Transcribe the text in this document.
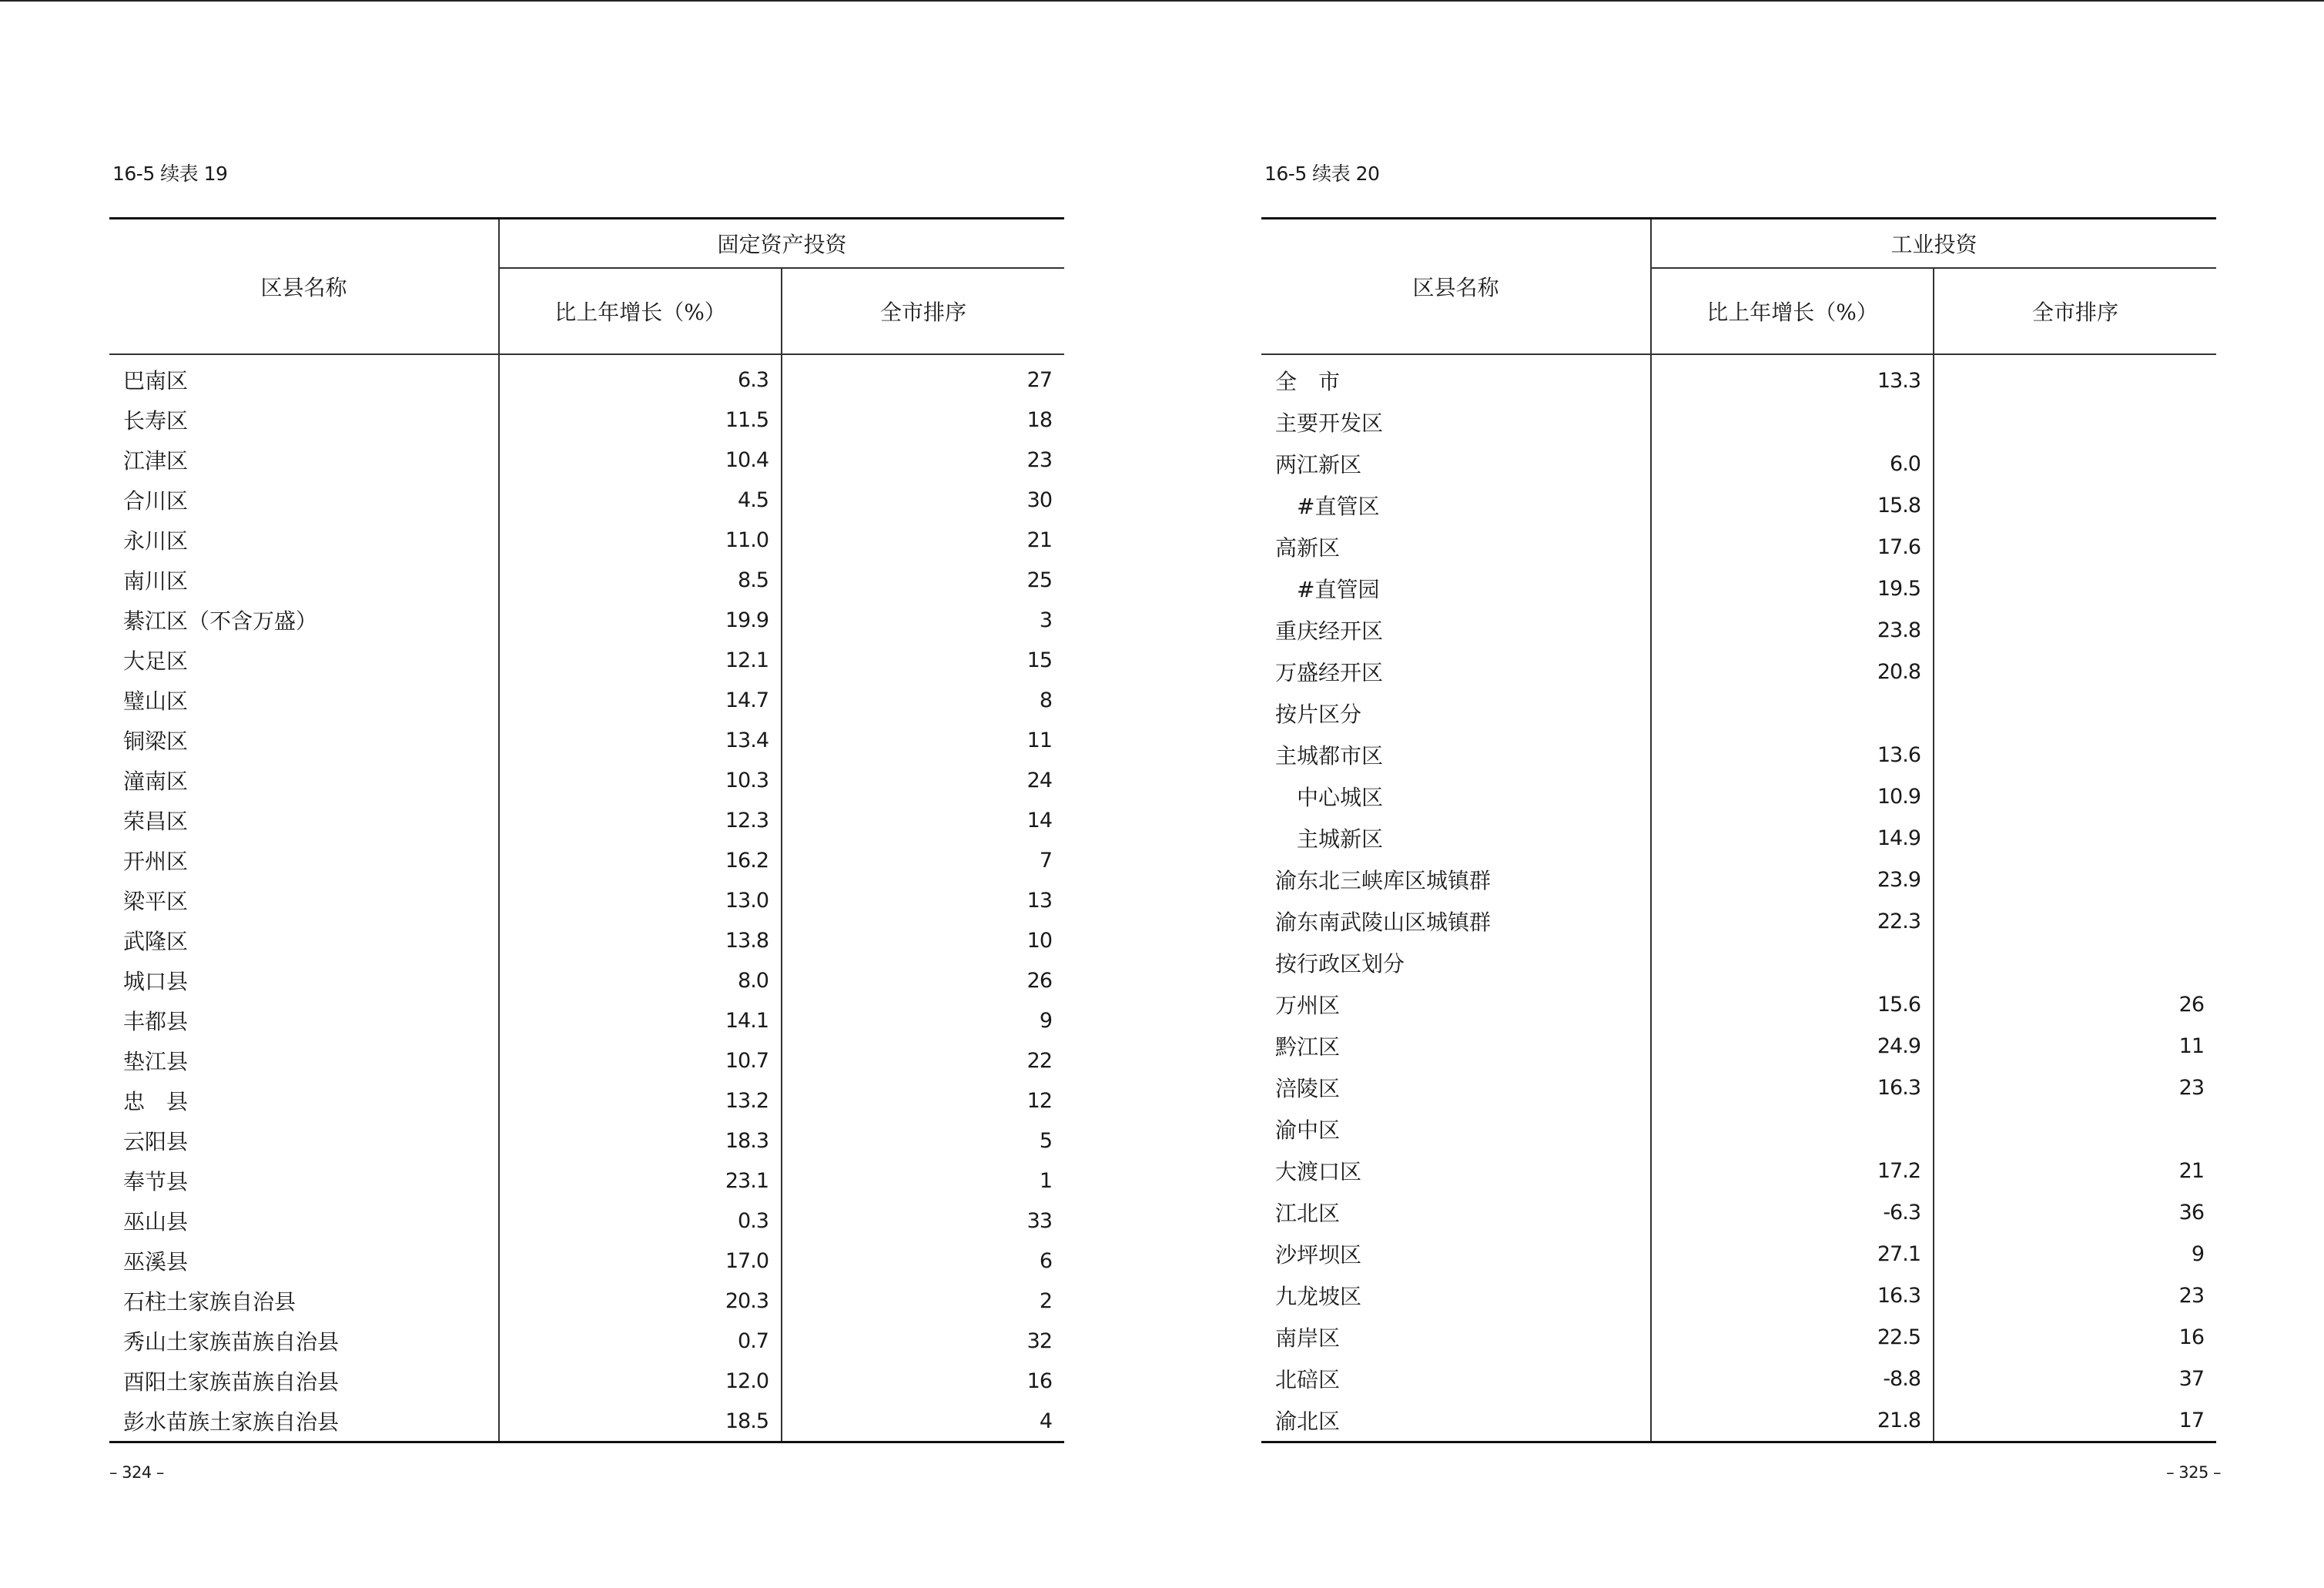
16-5 续表 19
区县名称	固定资产投资	
	比上年增长（%）	全市排序
巴南区	6.3	27
长寿区	11.5	18
江津区	10.4	23
合川区	4.5	30
永川区	11.0	21
南川区	8.5	25
綦江区（不含万盛）	19.9	3
大足区	12.1	15
璧山区	14.7	8
铜梁区	13.4	11
潼南区	10.3	24
荣昌区	12.3	14
开州区	16.2	7
梁平区	13.0	13
武隆区	13.8	10
城口县	8.0	26
丰都县	14.1	9
垫江县	10.7	22
忠　县	13.2	12
云阳县	18.3	5
奉节县	23.1	1
巫山县	0.3	33
巫溪县	17.0	6
石柱土家族自治县	20.3	2
秀山土家族苗族自治县	0.7	32
酉阳土家族苗族自治县	12.0	16
彭水苗族土家族自治县	18.5	4
– 324 –
16-5 续表 20
区县名称	工业投资	
	比上年增长（%）	全市排序
全　市	13.3	
主要开发区		
两江新区	6.0	
#直管区	15.8	
高新区	17.6	
#直管园	19.5	
重庆经开区	23.8	
万盛经开区	20.8	
按片区分		
主城都市区	13.6	
中心城区	10.9	
主城新区	14.9	
渝东北三峡库区城镇群	23.9	
渝东南武陵山区城镇群	22.3	
按行政区划分		
万州区	15.6	26
黔江区	24.9	11
涪陵区	16.3	23
渝中区		
大渡口区	17.2	21
江北区	-6.3	36
沙坪坝区	27.1	9
九龙坡区	16.3	23
南岸区	22.5	16
北碚区	-8.8	37
渝北区	21.8	17
– 325 –
